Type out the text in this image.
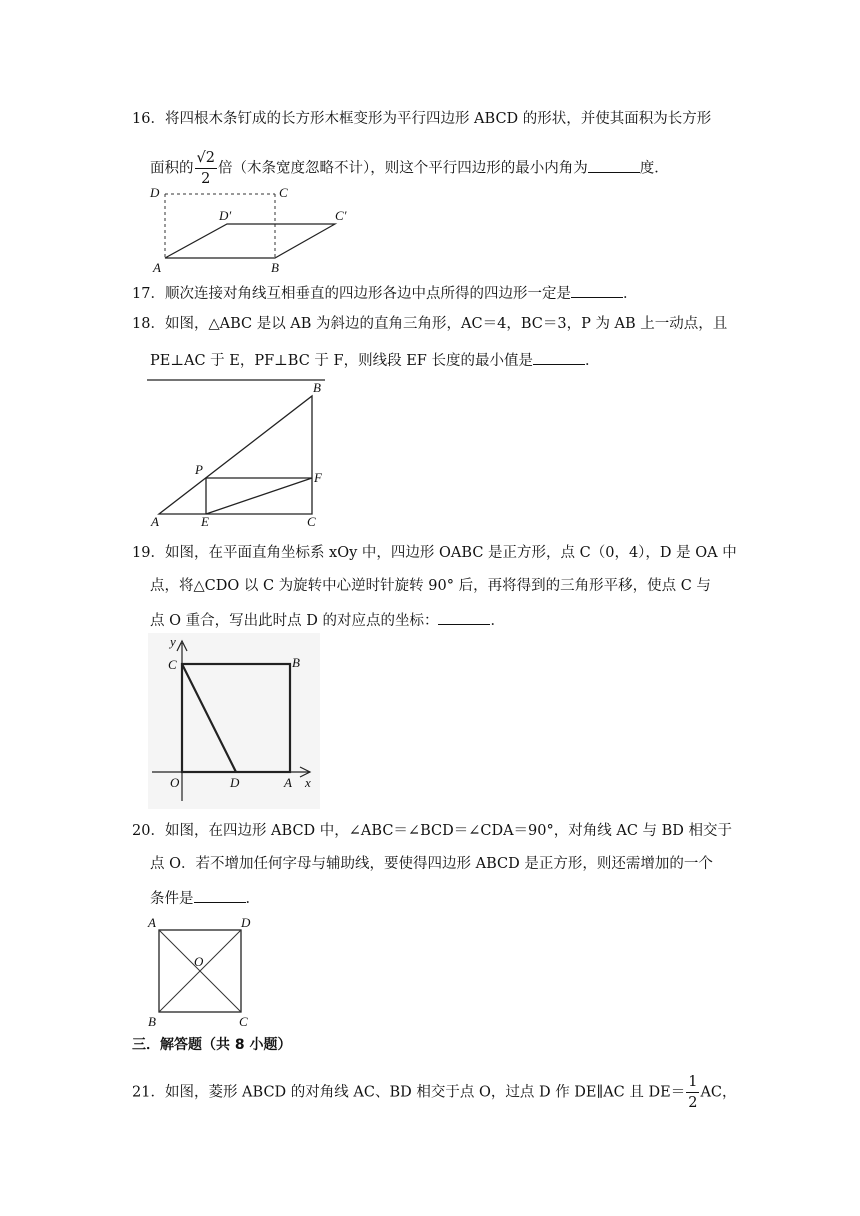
16．将四根木条钉成的长方形木框变形为平行四边形 ABCD 的形状，并使其面积为长方形
面积的 $\frac{√2}{2}$ 倍（木条宽度忽略不计），则这个平行四边形的最小内角为	度．
D	C
D′	C′
A	B
17．顺次连接对角线互相垂直的四边形各边中点所得的四边形一定是	．
18．如图，△ABC 是以 AB 为斜边的直角三角形，AC＝4，BC＝3，P 为 AB 上一动点，且
PE⊥AC 于 E，PF⊥BC 于 F，则线段 EF 长度的最小值是	．
A
B
C
P
E
F
19．如图，在平面直角坐标系 xOy 中，四边形 OABC 是正方形，点 C（0，4），D 是 OA 中
点，将△CDO 以 C 为旋转中心逆时针旋转 90° 后，再将得到的三角形平移，使点 C 与
点 O 重合，写出此时点 D 的对应点的坐标：	．
y
x
C	B
O	D	A
20．如图，在四边形 ABCD 中，∠ABC＝∠BCD＝∠CDA＝90°，对角线 AC 与 BD 相交于
点 O．若不增加任何字母与辅助线，要使得四边形 ABCD 是正方形，则还需增加的一个
条件是	．
A	D
O
B	C
三．解答题（共 8 小题）
21．如图，菱形 ABCD 的对角线 AC、BD 相交于点 O，过点 D 作 DE∥AC 且 $DE= \frac{1}{2}$ AC，
